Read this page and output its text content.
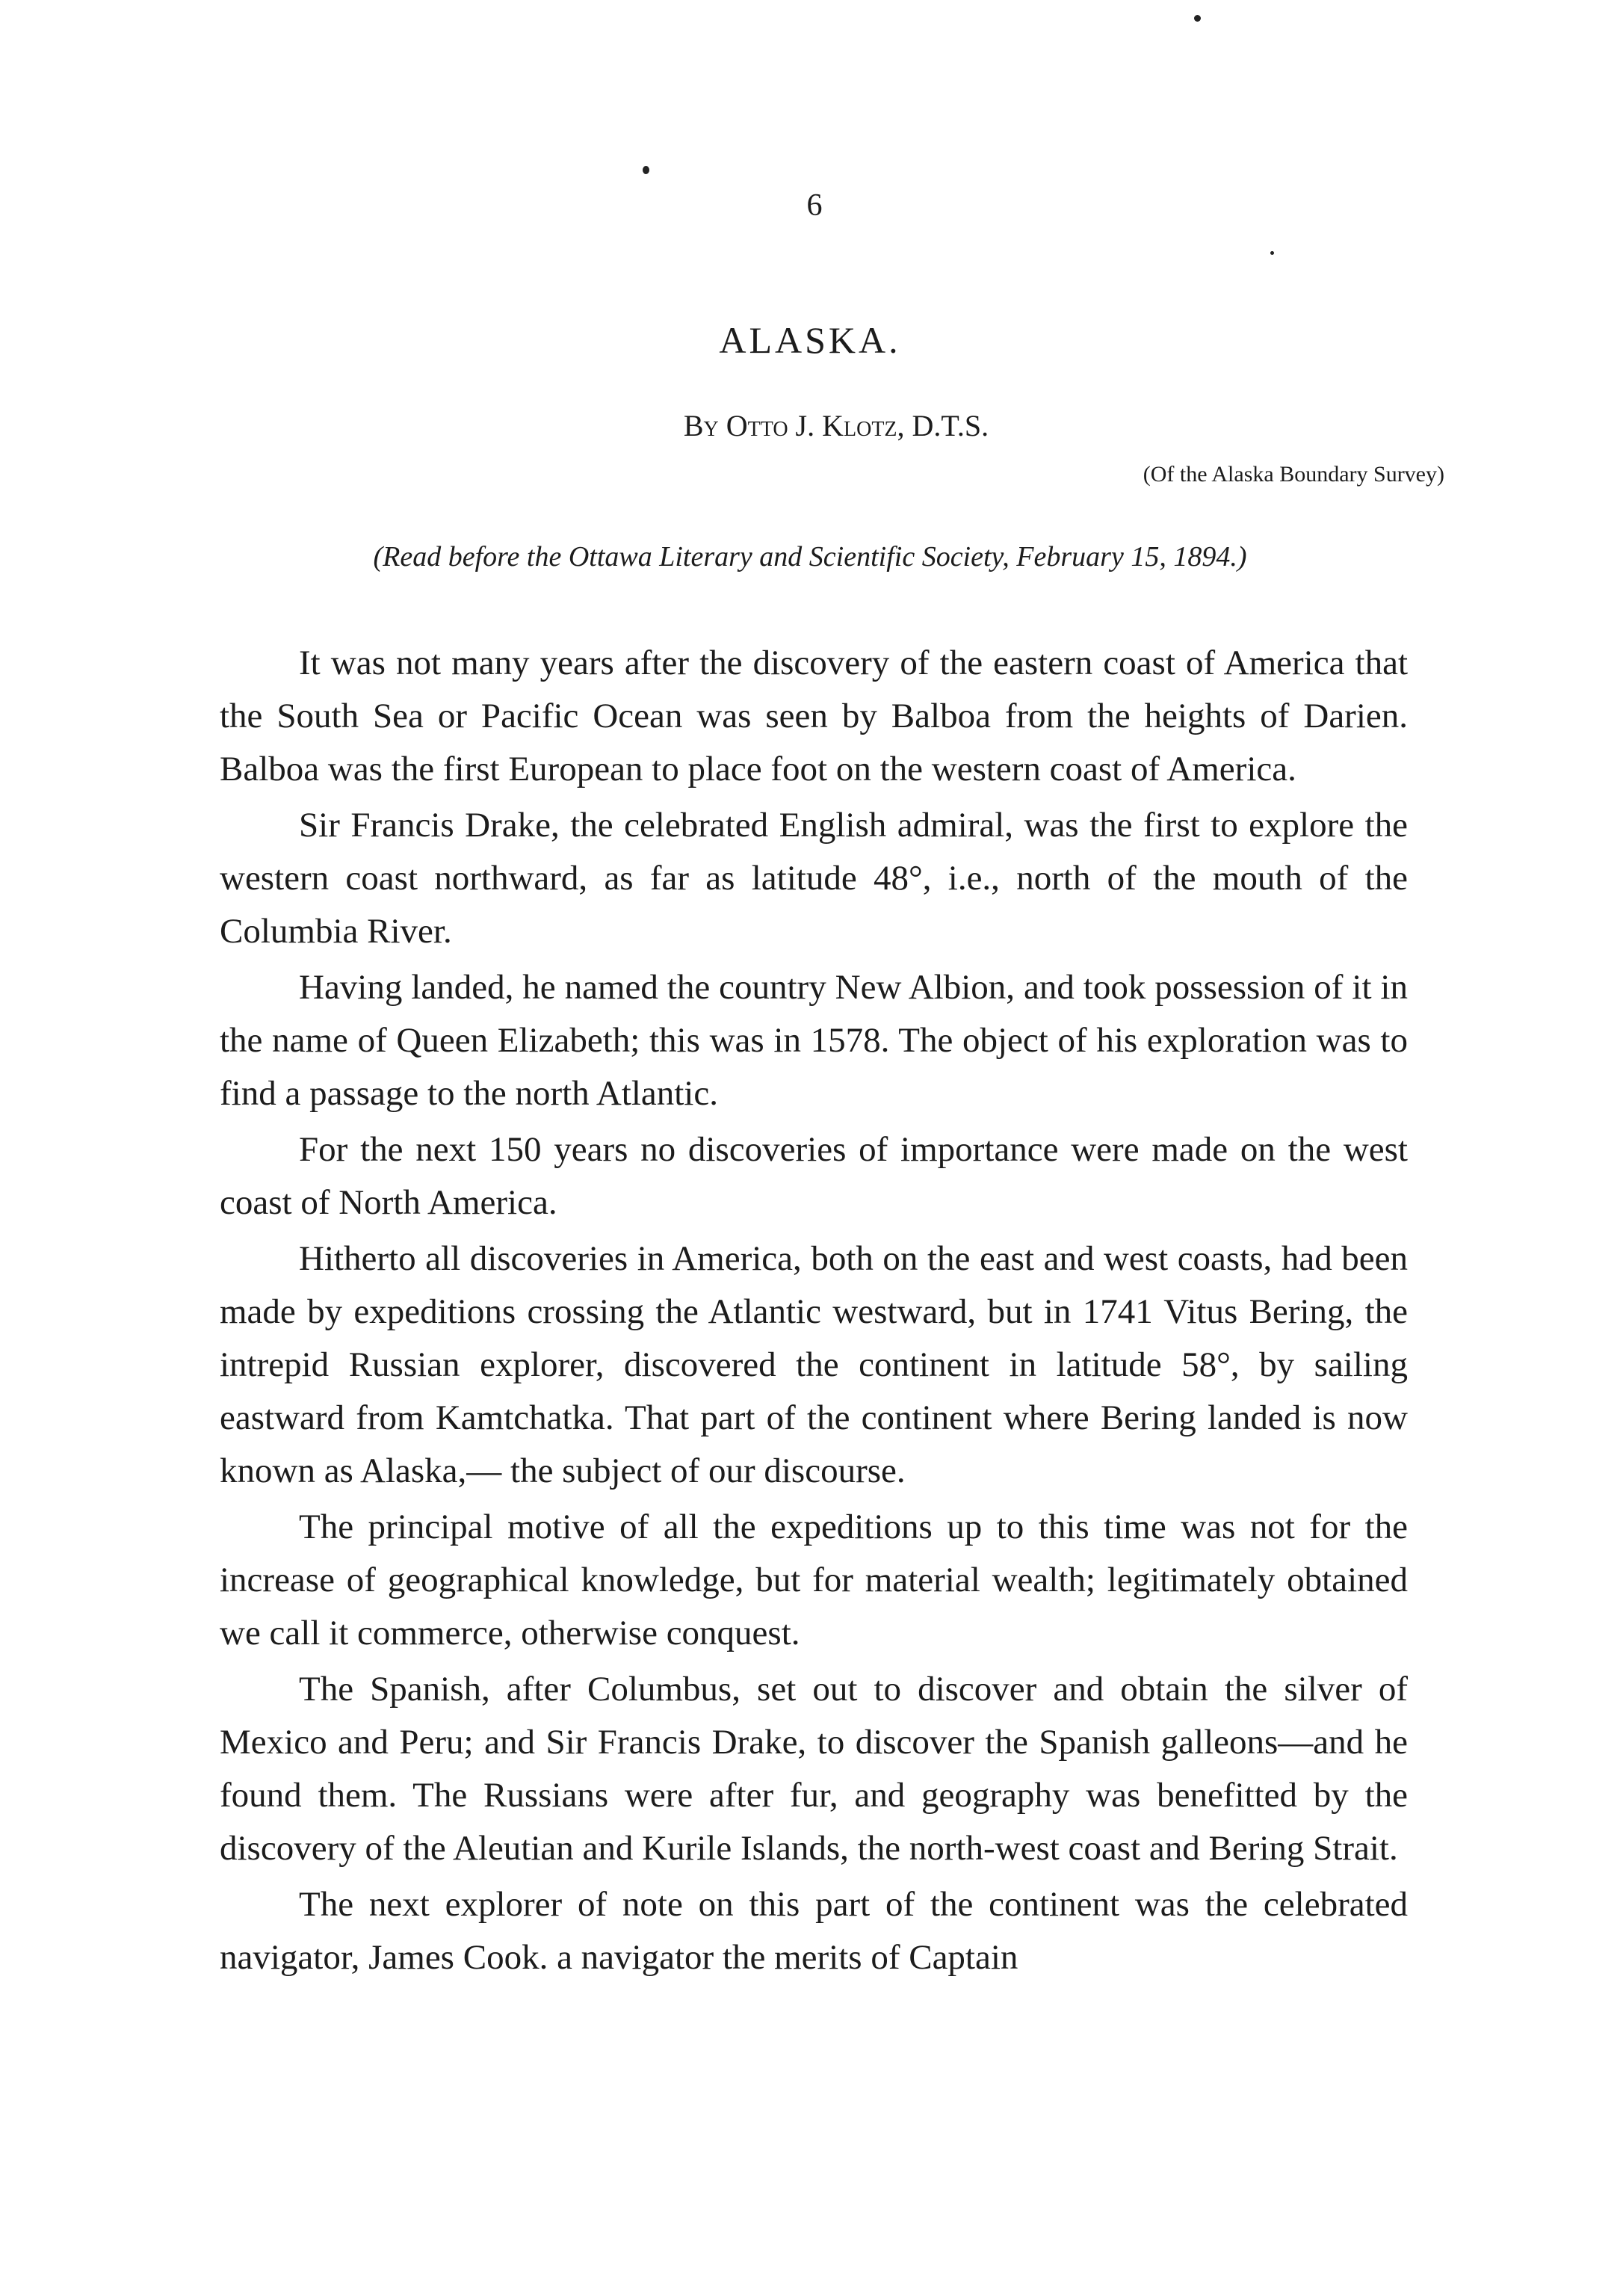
6
ALASKA.
By Otto J. Klotz, D.T.S.
(Of the Alaska Boundary Survey)
(Read before the Ottawa Literary and Scientific Society, February 15, 1894.)

It was not many years after the discovery of the eastern coast of America that the South Sea or Pacific Ocean was seen by Balboa from the heights of Darien. Balboa was the first European to place foot on the western coast of America.

Sir Francis Drake, the celebrated English admiral, was the first to explore the western coast northward, as far as latitude 48°, i.e., north of the mouth of the Columbia River.

Having landed, he named the country New Albion, and took possession of it in the name of Queen Elizabeth; this was in 1578. The object of his exploration was to find a passage to the north Atlantic.

For the next 150 years no discoveries of importance were made on the west coast of North America.

Hitherto all discoveries in America, both on the east and west coasts, had been made by expeditions crossing the Atlantic westward, but in 1741 Vitus Bering, the intrepid Russian explorer, discovered the continent in latitude 58°, by sailing eastward from Kamtchatka. That part of the continent where Bering landed is now known as Alaska,— the subject of our discourse.

The principal motive of all the expeditions up to this time was not for the increase of geographical knowledge, but for material wealth; legitimately obtained we call it commerce, otherwise conquest.

The Spanish, after Columbus, set out to discover and obtain the silver of Mexico and Peru; and Sir Francis Drake, to discover the Spanish galleons—and he found them. The Russians were after fur, and geography was benefitted by the discovery of the Aleutian and Kurile Islands, the north-west coast and Bering Strait.

The next explorer of note on this part of the continent was the celebrated navigator, James Cook. a navigator the merits of Captain
